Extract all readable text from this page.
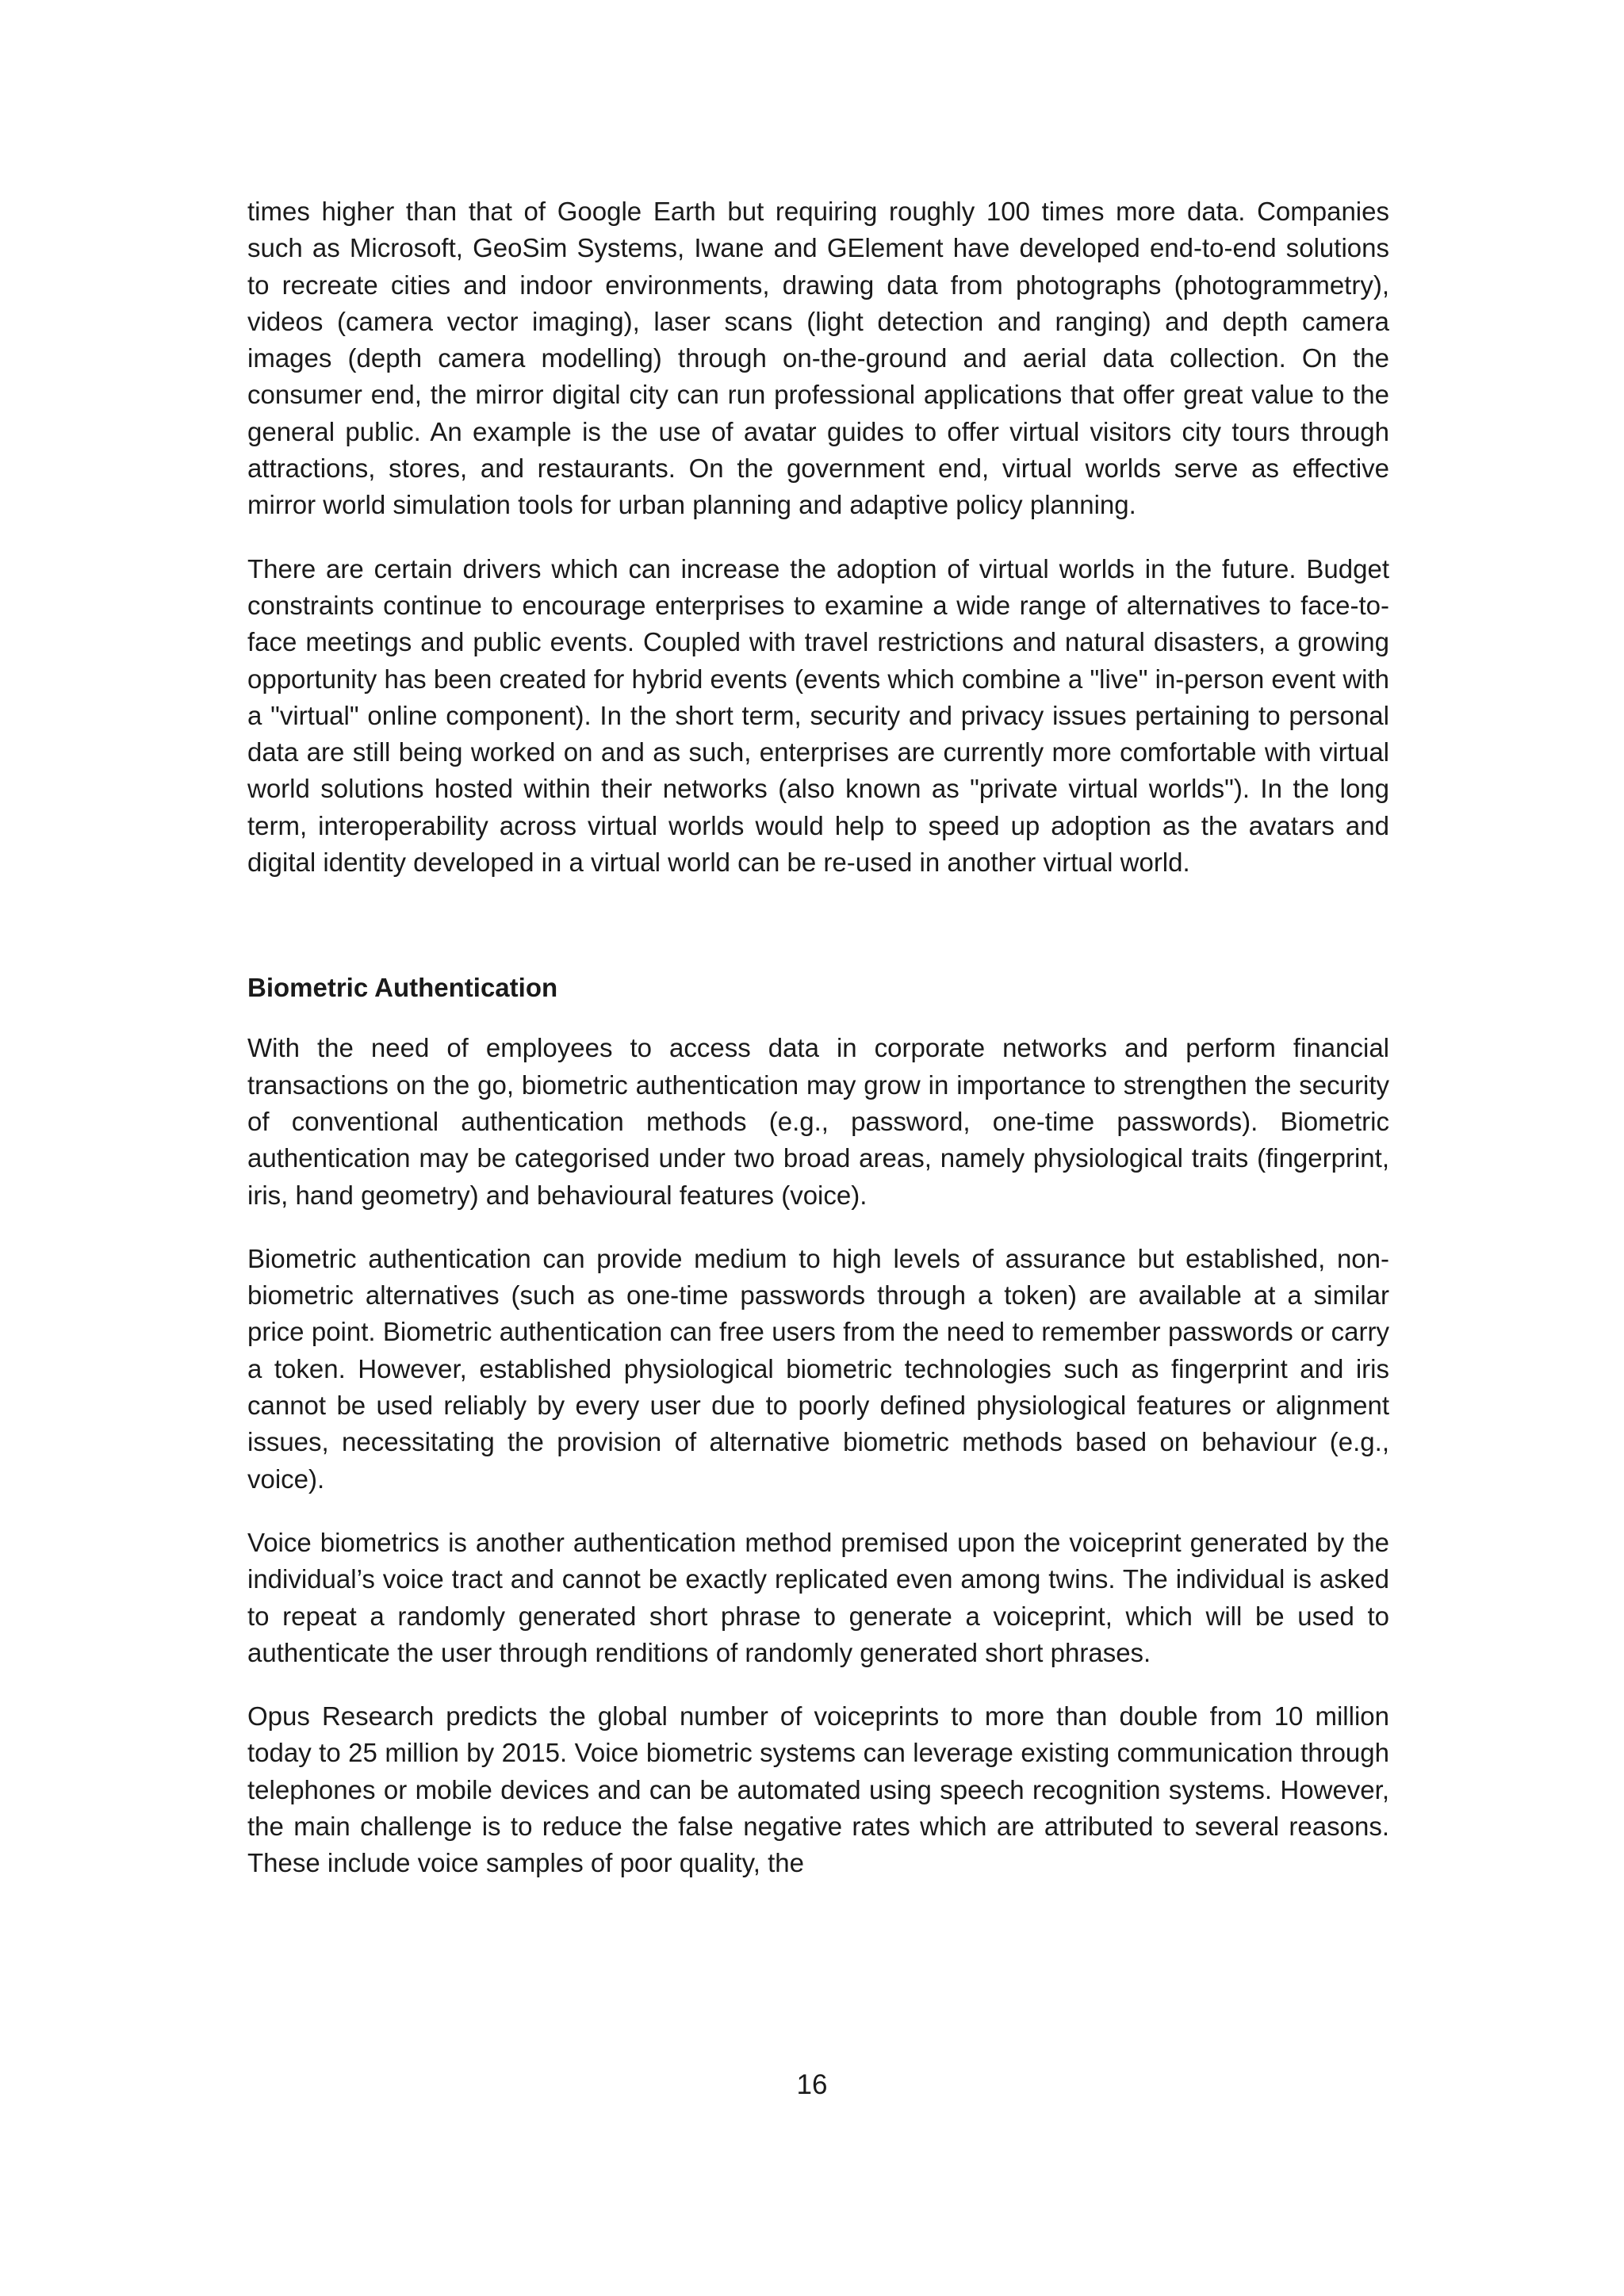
times higher than that of Google Earth but requiring roughly 100 times more data. Companies such as Microsoft, GeoSim Systems, Iwane and GElement have developed end-to-end solutions to recreate cities and indoor environments, drawing data from photographs (photogrammetry), videos (camera vector imaging), laser scans (light detection and ranging) and depth camera images (depth camera modelling) through on-the-ground and aerial data collection. On the consumer end, the mirror digital city can run professional applications that offer great value to the general public. An example is the use of avatar guides to offer virtual visitors city tours through attractions, stores, and restaurants. On the government end, virtual worlds serve as effective mirror world simulation tools for urban planning and adaptive policy planning.

There are certain drivers which can increase the adoption of virtual worlds in the future. Budget constraints continue to encourage enterprises to examine a wide range of alternatives to face-to-face meetings and public events. Coupled with travel restrictions and natural disasters, a growing opportunity has been created for hybrid events (events which combine a "live" in-person event with a "virtual" online component). In the short term, security and privacy issues pertaining to personal data are still being worked on and as such, enterprises are currently more comfortable with virtual world solutions hosted within their networks (also known as "private virtual worlds"). In the long term, interoperability across virtual worlds would help to speed up adoption as the avatars and digital identity developed in a virtual world can be re-used in another virtual world.

Biometric Authentication

With the need of employees to access data in corporate networks and perform financial transactions on the go, biometric authentication may grow in importance to strengthen the security of conventional authentication methods (e.g., password, one-time passwords). Biometric authentication may be categorised under two broad areas, namely physiological traits (fingerprint, iris, hand geometry) and behavioural features (voice).

Biometric authentication can provide medium to high levels of assurance but established, non-biometric alternatives (such as one-time passwords through a token) are available at a similar price point. Biometric authentication can free users from the need to remember passwords or carry a token. However, established physiological biometric technologies such as fingerprint and iris cannot be used reliably by every user due to poorly defined physiological features or alignment issues, necessitating the provision of alternative biometric methods based on behaviour (e.g., voice).

Voice biometrics is another authentication method premised upon the voiceprint generated by the individual’s voice tract and cannot be exactly replicated even among twins. The individual is asked to repeat a randomly generated short phrase to generate a voiceprint, which will be used to authenticate the user through renditions of randomly generated short phrases.

Opus Research predicts the global number of voiceprints to more than double from 10 million today to 25 million by 2015. Voice biometric systems can leverage existing communication through telephones or mobile devices and can be automated using speech recognition systems. However, the main challenge is to reduce the false negative rates which are attributed to several reasons. These include voice samples of poor quality, the

16
